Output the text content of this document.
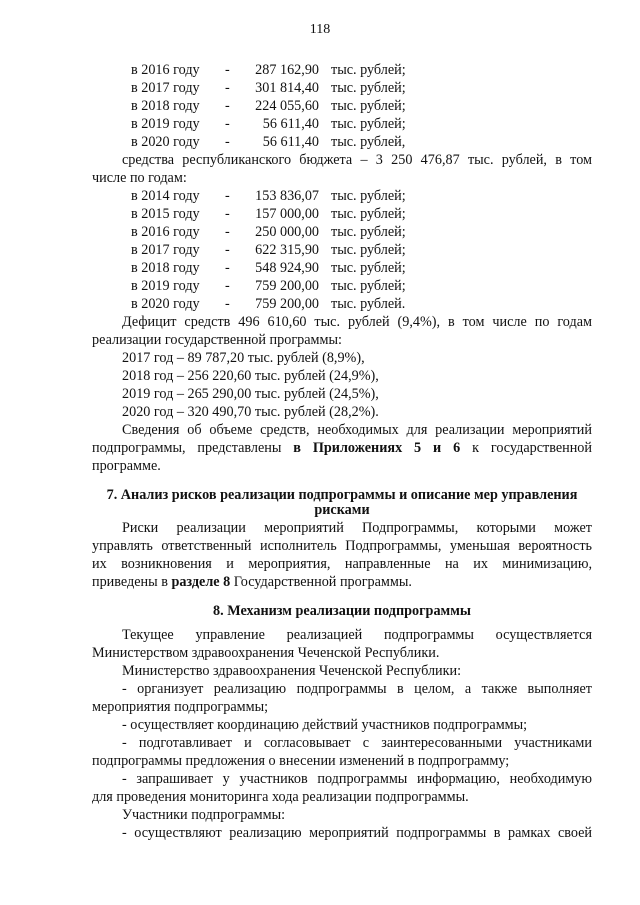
118
в 2016 году -	287 162,90 тыс. рублей;
в 2017 году -	301 814,40 тыс. рублей;
в 2018 году -	224 055,60 тыс. рублей;
в 2019 году -	56 611,40 тыс. рублей;
в 2020 году -	56 611,40 тыс. рублей,
средства республиканского бюджета – 3 250 476,87 тыс. рублей, в том
числе по годам:
в 2014 году -	153 836,07 тыс. рублей;
в 2015 году -	157 000,00 тыс. рублей;
в 2016 году -	250 000,00 тыс. рублей;
в 2017 году -	622 315,90 тыс. рублей;
в 2018 году -	548 924,90 тыс. рублей;
в 2019 году -	759 200,00 тыс. рублей;
в 2020 году -	759 200,00 тыс. рублей.
Дефицит средств 496 610,60 тыс. рублей (9,4%), в том числе по годам
реализации государственной программы:
2017 год – 89 787,20 тыс. рублей (8,9%),
2018 год – 256 220,60 тыс. рублей (24,9%),
2019 год – 265 290,00 тыс. рублей (24,5%),
2020 год – 320 490,70 тыс. рублей (28,2%).
Сведения об объеме средств, необходимых для реализации мероприятий
подпрограммы, представлены в Приложениях 5 и 6 к государственной
программе.
7. Анализ рисков реализации подпрограммы и описание мер управления
рисками
Риски реализации мероприятий Подпрограммы, которыми может
управлять ответственный исполнитель Подпрограммы, уменьшая вероятность
их возникновения и мероприятия, направленные на их минимизацию,
приведены в разделе 8 Государственной программы.
8. Механизм реализации подпрограммы
Текущее управление реализацией подпрограммы осуществляется
Министерством здравоохранения Чеченской Республики.
Министерство здравоохранения Чеченской Республики:
- организует реализацию подпрограммы в целом, а также выполняет
мероприятия подпрограммы;
- осуществляет координацию действий участников подпрограммы;
- подготавливает и согласовывает с заинтересованными участниками
подпрограммы предложения о внесении изменений в подпрограмму;
- запрашивает у участников подпрограммы информацию, необходимую
для проведения мониторинга хода реализации подпрограммы.
Участники подпрограммы:
- осуществляют реализацию мероприятий подпрограммы в рамках своей
